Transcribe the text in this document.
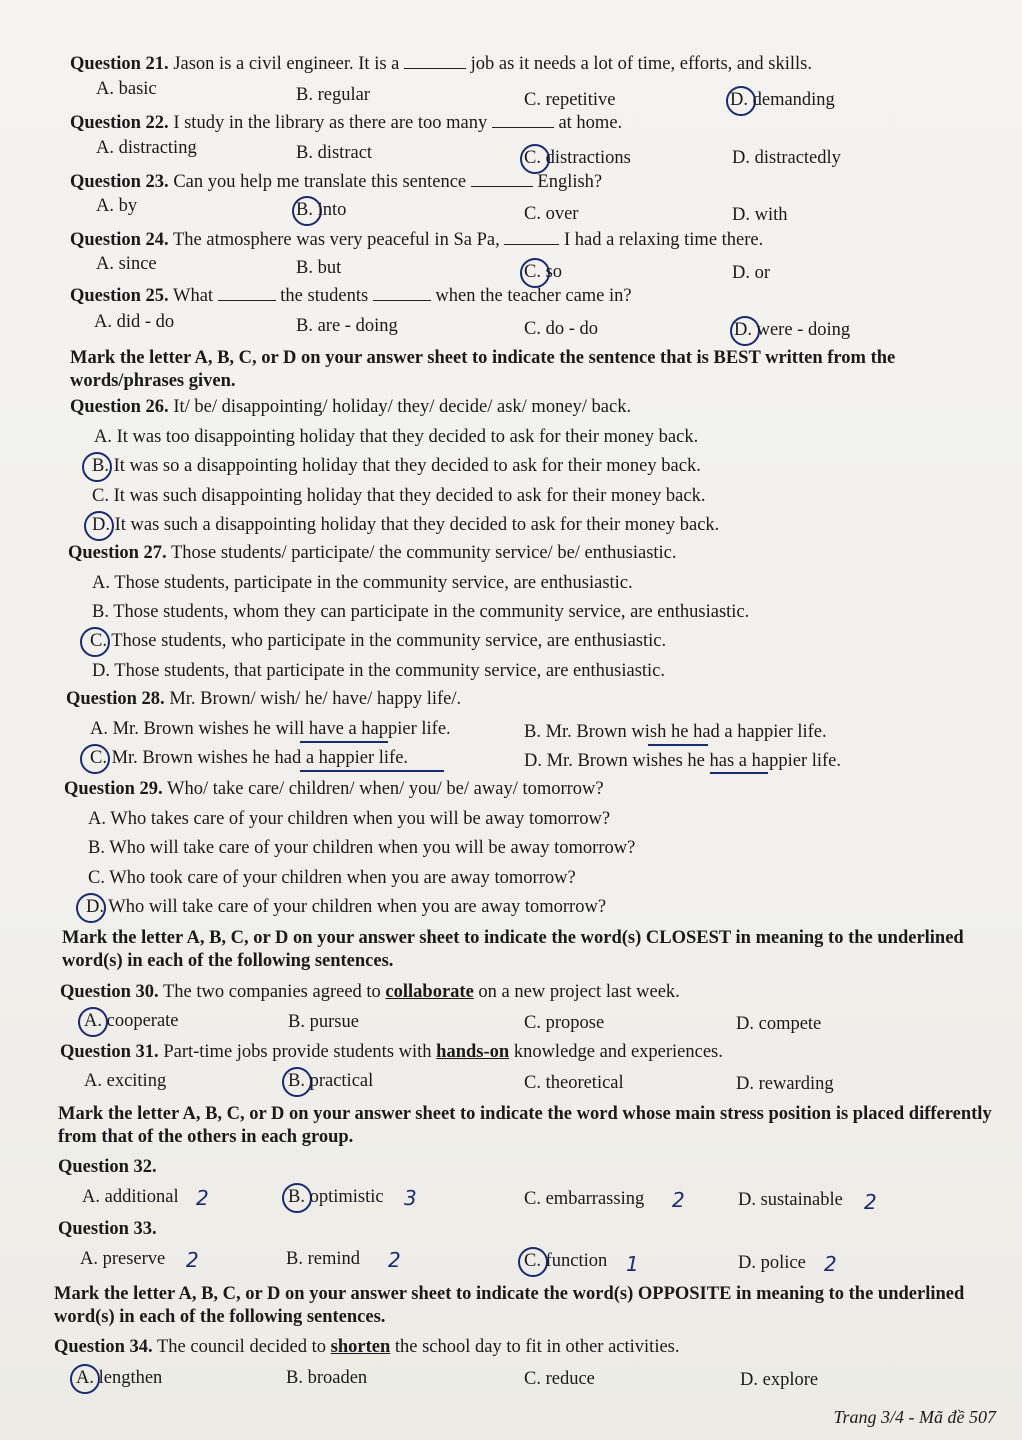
Question 21. Jason is a civil engineer. It is a	job as it needs a lot of time, efforts, and skills.
A. basic	B. regular	C. repetitive	D. demanding
Question 22. I study in the library as there are too many	at home.
A. distracting	B. distract	C. distractions	D. distractedly
Question 23. Can you help me translate this sentence	English?
A. by	B. into	C. over	D. with
Question 24. The atmosphere was very peaceful in Sa Pa,	I had a relaxing time there.
A. since	B. but	C. so	D. or
Question 25. What	the students	when the teacher came in?
A. did - do	B. are - doing	C. do - do	D. were - doing
Mark the letter A, B, C, or D on your answer sheet to indicate the sentence that is BEST written from the words/phrases given.
Question 26. It/ be/ disappointing/ holiday/ they/ decide/ ask/ money/ back.
A. It was too disappointing holiday that they decided to ask for their money back.
B. It was so a disappointing holiday that they decided to ask for their money back.
C. It was such disappointing holiday that they decided to ask for their money back.
D. It was such a disappointing holiday that they decided to ask for their money back.
Question 27. Those students/ participate/ the community service/ be/ enthusiastic.
A. Those students, participate in the community service, are enthusiastic.
B. Those students, whom they can participate in the community service, are enthusiastic.
C. Those students, who participate in the community service, are enthusiastic.
D. Those students, that participate in the community service, are enthusiastic.
Question 28. Mr. Brown/ wish/ he/ have/ happy life/.
A. Mr. Brown wishes he will have a happier life.	B. Mr. Brown wish he had a happier life.
C. Mr. Brown wishes he had a happier life.	D. Mr. Brown wishes he has a happier life.
Question 29. Who/ take care/ children/ when/ you/ be/ away/ tomorrow?
A. Who takes care of your children when you will be away tomorrow?
B. Who will take care of your children when you will be away tomorrow?
C. Who took care of your children when you are away tomorrow?
D. Who will take care of your children when you are away tomorrow?
Mark the letter A, B, C, or D on your answer sheet to indicate the word(s) CLOSEST in meaning to the underlined word(s) in each of the following sentences.
Question 30. The two companies agreed to collaborate on a new project last week.
A. cooperate	B. pursue	C. propose	D. compete
Question 31. Part-time jobs provide students with hands-on knowledge and experiences.
A. exciting	B. practical	C. theoretical	D. rewarding
Mark the letter A, B, C, or D on your answer sheet to indicate the word whose main stress position is placed differently from that of the others in each group.
Question 32.
A. additional 2	B. optimistic 3	C. embarrassing 2	D. sustainable 2
Question 33.
A. preserve 2	B. remind 2	C. function 1	D. police 2
Mark the letter A, B, C, or D on your answer sheet to indicate the word(s) OPPOSITE in meaning to the underlined word(s) in each of the following sentences.
Question 34. The council decided to shorten the school day to fit in other activities.
A. lengthen	B. broaden	C. reduce	D. explore
Trang 3/4 - Mã đề 507
